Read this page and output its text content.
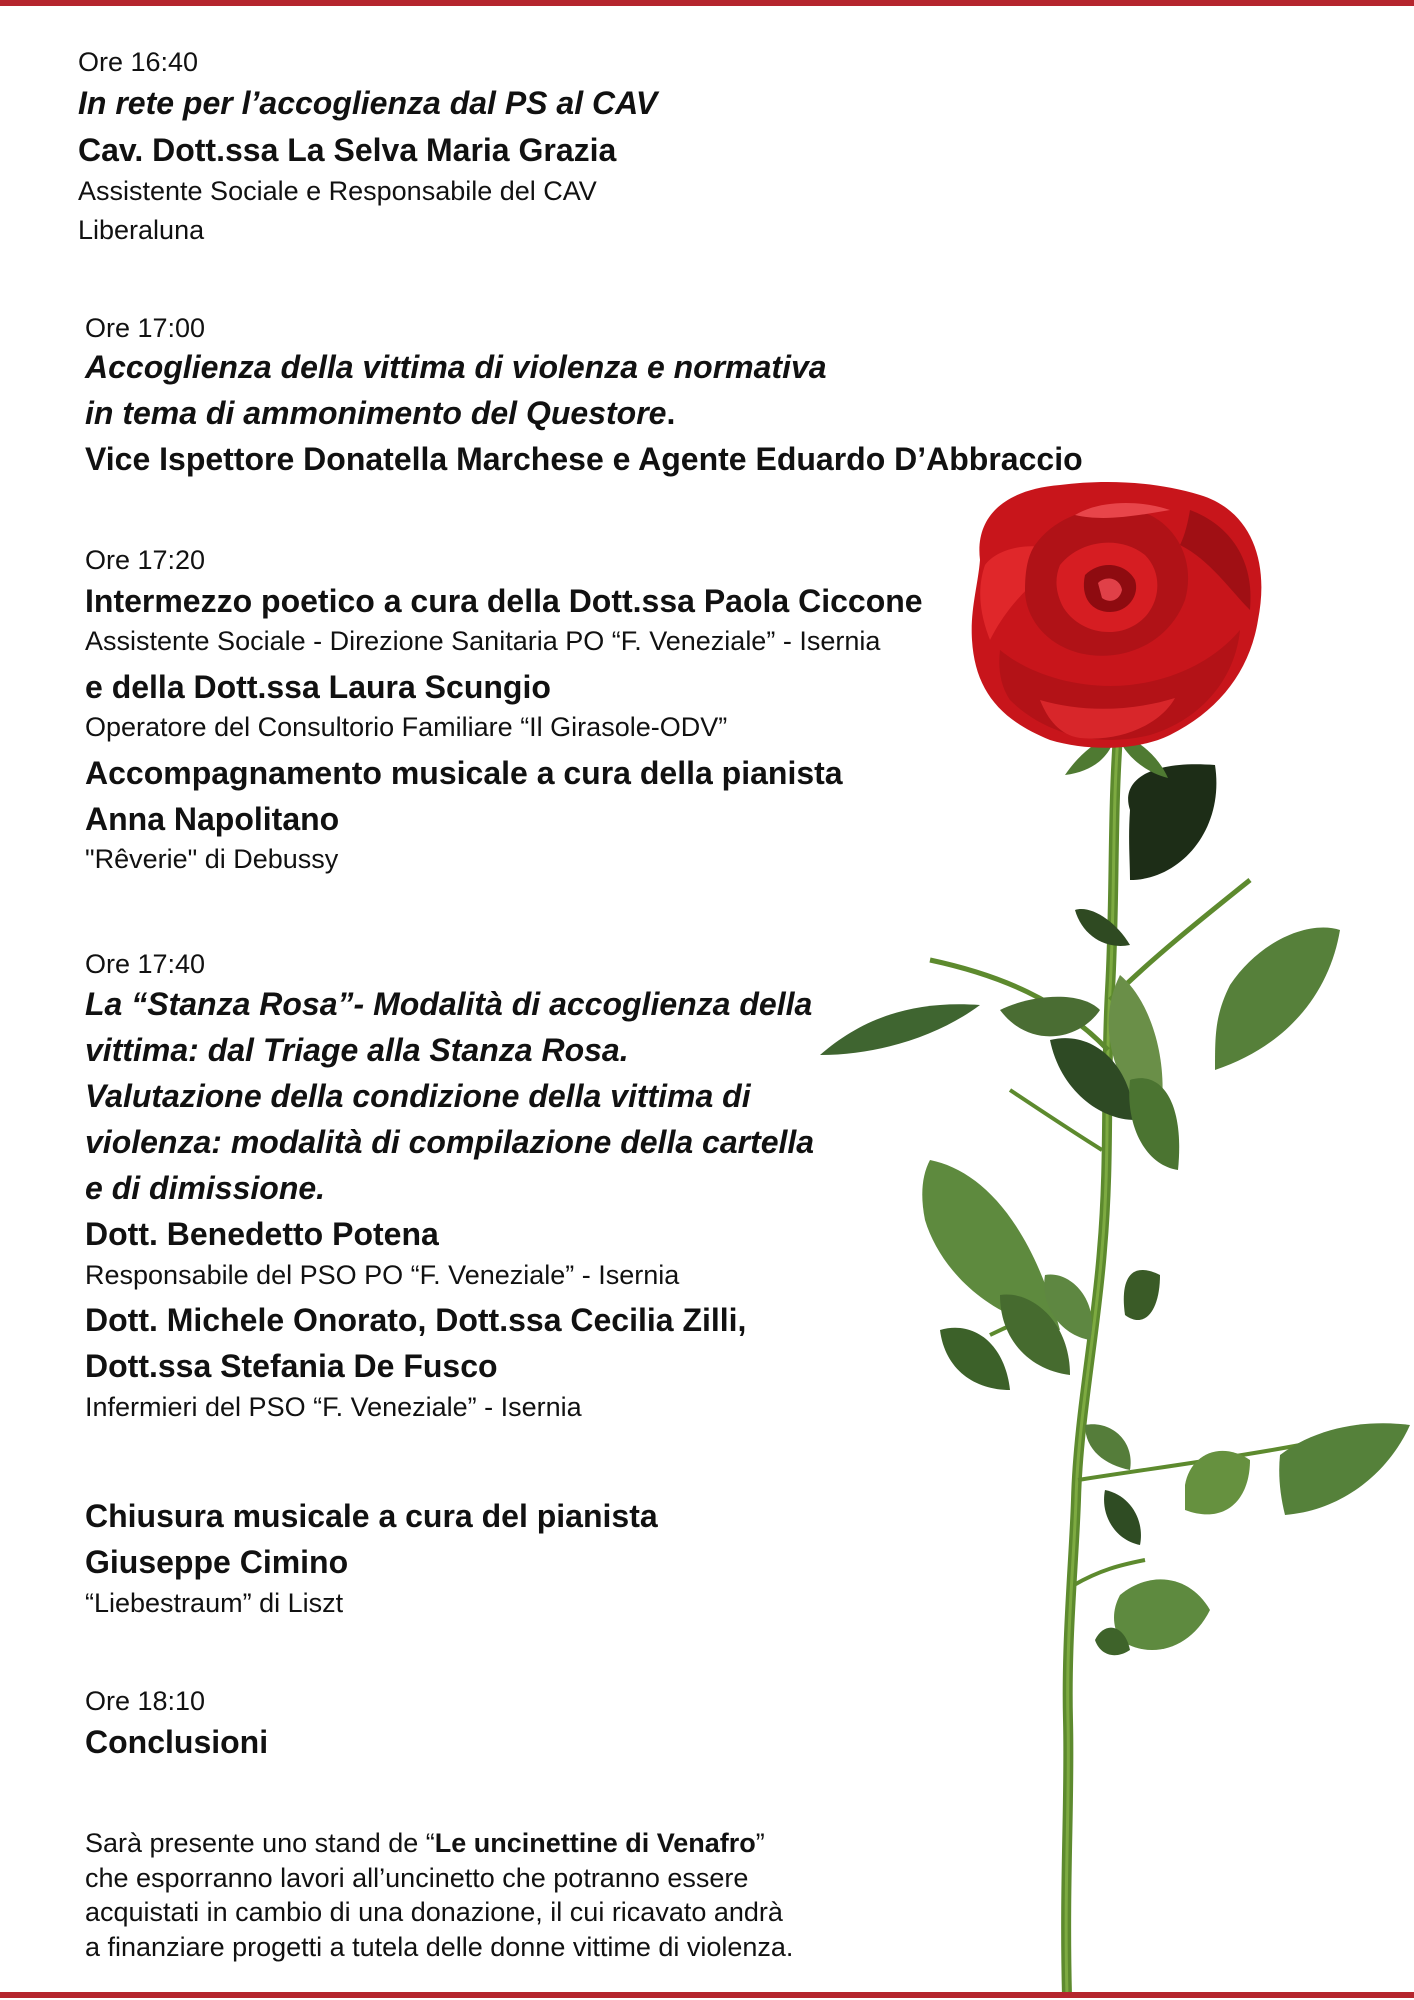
Ore 16:40
In rete per l’accoglienza dal PS al CAV
Cav. Dott.ssa La Selva Maria Grazia
Assistente Sociale e Responsabile del CAV
Liberaluna
Ore 17:00
Accoglienza della vittima di violenza e normativa
in tema di ammonimento del Questore.
Vice Ispettore Donatella Marchese e Agente Eduardo D’Abbraccio
Ore 17:20
Intermezzo poetico a cura della Dott.ssa Paola Ciccone
Assistente Sociale - Direzione Sanitaria PO “F. Veneziale” - Isernia
e della Dott.ssa Laura Scungio
Operatore del Consultorio Familiare “Il Girasole-ODV”
Accompagnamento musicale a cura della pianista
Anna Napolitano
"Rêverie" di Debussy
Ore 17:40
La “Stanza Rosa”- Modalità di accoglienza della
vittima: dal Triage alla Stanza Rosa.
Valutazione della condizione della vittima di
violenza: modalità di compilazione della cartella
e di dimissione.
Dott. Benedetto Potena
Responsabile del PSO PO “F. Veneziale” - Isernia
Dott. Michele Onorato, Dott.ssa Cecilia Zilli,
Dott.ssa Stefania De Fusco
Infermieri del PSO “F. Veneziale” - Isernia
Chiusura musicale a cura del pianista
Giuseppe Cimino
“Liebestraum” di Liszt
Ore 18:10
Conclusioni
Sarà presente uno stand de “Le uncinettine di Venafro”
che esporranno lavori all’uncinetto che potranno essere
acquistati in cambio di una donazione, il cui ricavato andrà
a finanziare progetti a tutela delle donne vittime di violenza.
